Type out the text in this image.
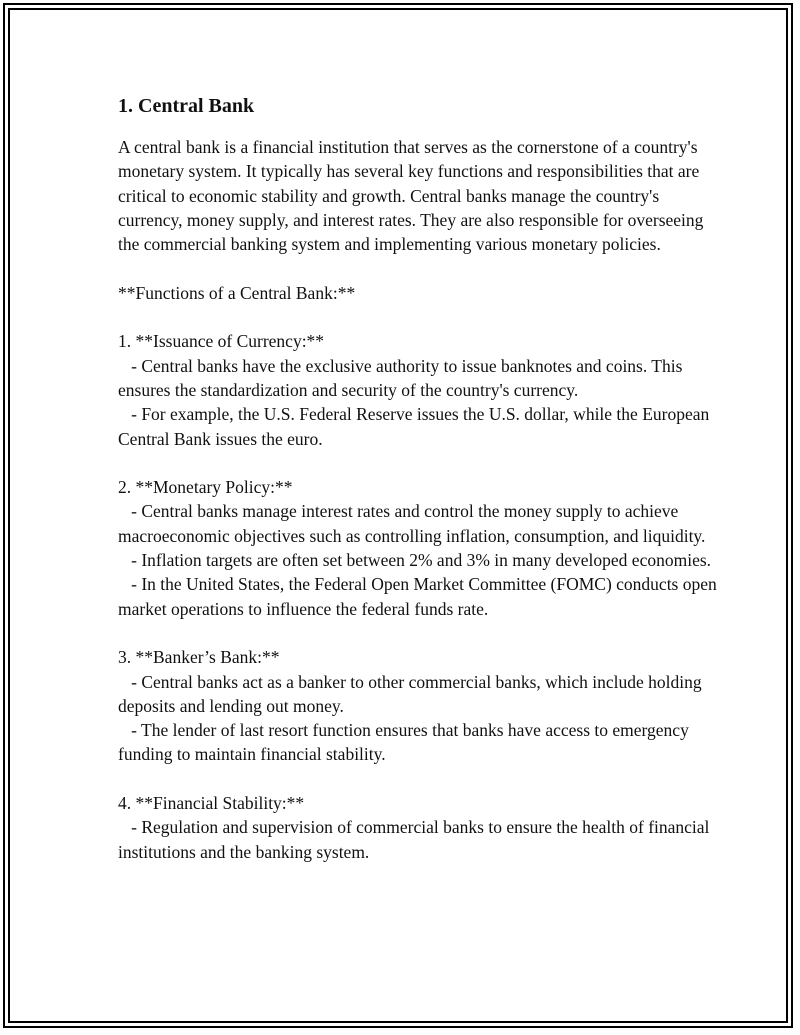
1. Central Bank

A central bank is a financial institution that serves as the cornerstone of a country's monetary system. It typically has several key functions and responsibilities that are critical to economic stability and growth. Central banks manage the country's currency, money supply, and interest rates. They are also responsible for overseeing the commercial banking system and implementing various monetary policies.

**Functions of a Central Bank:**

1. **Issuance of Currency:**
- Central banks have the exclusive authority to issue banknotes and coins. This ensures the standardization and security of the country's currency.
- For example, the U.S. Federal Reserve issues the U.S. dollar, while the European Central Bank issues the euro.

2. **Monetary Policy:**
- Central banks manage interest rates and control the money supply to achieve macroeconomic objectives such as controlling inflation, consumption, and liquidity.
- Inflation targets are often set between 2% and 3% in many developed economies.
- In the United States, the Federal Open Market Committee (FOMC) conducts open market operations to influence the federal funds rate.

3. **Banker’s Bank:**
- Central banks act as a banker to other commercial banks, which include holding deposits and lending out money.
- The lender of last resort function ensures that banks have access to emergency funding to maintain financial stability.

4. **Financial Stability:**
- Regulation and supervision of commercial banks to ensure the health of financial institutions and the banking system.
